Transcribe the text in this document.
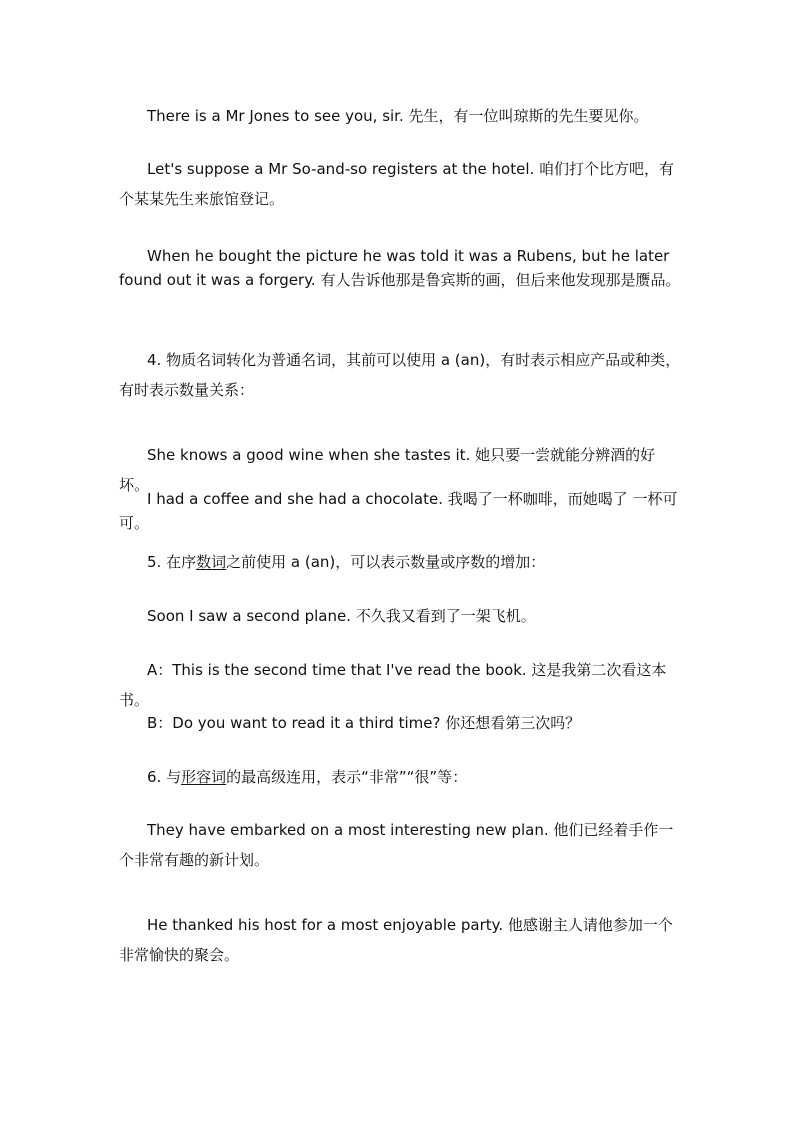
There is a Mr Jones to see you, sir. 先生，有一位叫琼斯的先生要见你。

Let's suppose a Mr So-and-so registers at the hotel. 咱们打个比方吧，有个某某先生来旅馆登记。

When he bought the picture he was told it was a Rubens, but he later found out it was a forgery. 有人告诉他那是鲁宾斯的画，但后来他发现那是赝品。

4. 物质名词转化为普通名词，其前可以使用 a (an)，有时表示相应产品或种类，有时表示数量关系：

She knows a good wine when she tastes it. 她只要一尝就能分辨酒的好坏。

I had a coffee and she had a chocolate. 我喝了一杯咖啡，而她喝了 一杯可可。

5. 在序数词之前使用 a (an)，可以表示数量或序数的增加：

Soon I saw a second plane. 不久我又看到了一架飞机。

A：This is the second time that I've read the book. 这是我第二次看这本书。

B：Do you want to read it a third time? 你还想看第三次吗？

6. 与形容词的最高级连用，表示“非常”“很”等：

They have embarked on a most interesting new plan. 他们已经着手作一个非常有趣的新计划。

He thanked his host for a most enjoyable party. 他感谢主人请他参加一个非常愉快的聚会。
